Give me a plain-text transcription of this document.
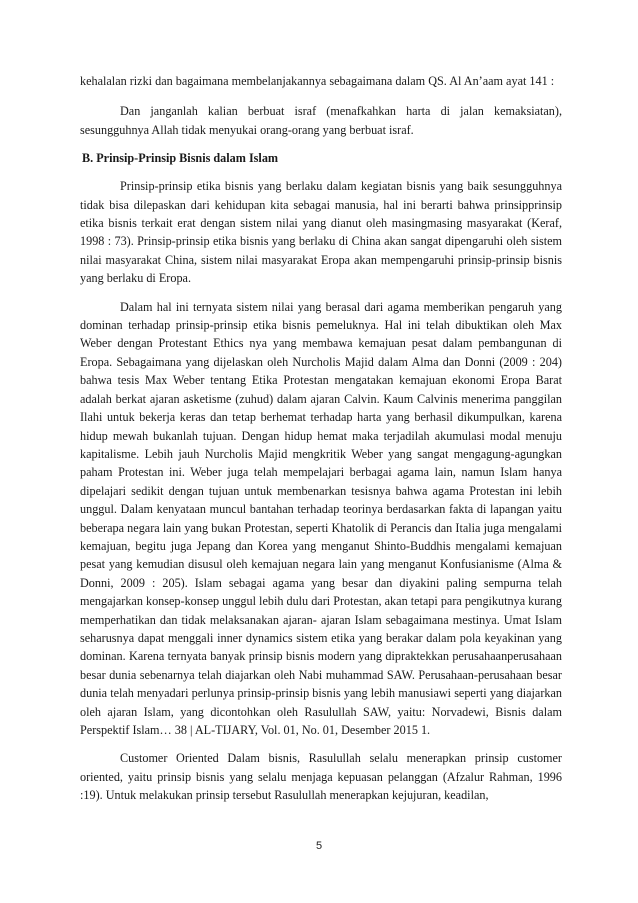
kehalalan rizki dan bagaimana membelanjakannya sebagaimana dalam QS. Al An’aam ayat 141 :

Dan janganlah kalian berbuat israf (menafkahkan harta di jalan kemaksiatan), sesungguhnya Allah tidak menyukai orang-orang yang berbuat israf.

B. Prinsip-Prinsip Bisnis dalam Islam

Prinsip-prinsip etika bisnis yang berlaku dalam kegiatan bisnis yang baik sesungguhnya tidak bisa dilepaskan dari kehidupan kita sebagai manusia, hal ini berarti bahwa prinsipprinsip etika bisnis terkait erat dengan sistem nilai yang dianut oleh masingmasing masyarakat (Keraf, 1998 : 73). Prinsip-prinsip etika bisnis yang berlaku di China akan sangat dipengaruhi oleh sistem nilai masyarakat China, sistem nilai masyarakat Eropa akan mempengaruhi prinsip-prinsip bisnis yang berlaku di Eropa.

Dalam hal ini ternyata sistem nilai yang berasal dari agama memberikan pengaruh yang dominan terhadap prinsip-prinsip etika bisnis pemeluknya. Hal ini telah dibuktikan oleh Max Weber dengan Protestant Ethics nya yang membawa kemajuan pesat dalam pembangunan di Eropa. Sebagaimana yang dijelaskan oleh Nurcholis Majid dalam Alma dan Donni (2009 : 204) bahwa tesis Max Weber tentang Etika Protestan mengatakan kemajuan ekonomi Eropa Barat adalah berkat ajaran asketisme (zuhud) dalam ajaran Calvin. Kaum Calvinis menerima panggilan Ilahi untuk bekerja keras dan tetap berhemat terhadap harta yang berhasil dikumpulkan, karena hidup mewah bukanlah tujuan. Dengan hidup hemat maka terjadilah akumulasi modal menuju kapitalisme. Lebih jauh Nurcholis Majid mengkritik Weber yang sangat mengagung-agungkan paham Protestan ini. Weber juga telah mempelajari berbagai agama lain, namun Islam hanya dipelajari sedikit dengan tujuan untuk membenarkan tesisnya bahwa agama Protestan ini lebih unggul. Dalam kenyataan muncul bantahan terhadap teorinya berdasarkan fakta di lapangan yaitu beberapa negara lain yang bukan Protestan, seperti Khatolik di Perancis dan Italia juga mengalami kemajuan, begitu juga Jepang dan Korea yang menganut Shinto-Buddhis mengalami kemajuan pesat yang kemudian disusul oleh kemajuan negara lain yang menganut Konfusianisme (Alma & Donni, 2009 : 205). Islam sebagai agama yang besar dan diyakini paling sempurna telah mengajarkan konsep-konsep unggul lebih dulu dari Protestan, akan tetapi para pengikutnya kurang memperhatikan dan tidak melaksanakan ajaran- ajaran Islam sebagaimana mestinya. Umat Islam seharusnya dapat menggali inner dynamics sistem etika yang berakar dalam pola keyakinan yang dominan. Karena ternyata banyak prinsip bisnis modern yang dipraktekkan perusahaanperusahaan besar dunia sebenarnya telah diajarkan oleh Nabi muhammad SAW. Perusahaan-perusahaan besar dunia telah menyadari perlunya prinsip-prinsip bisnis yang lebih manusiawi seperti yang diajarkan oleh ajaran Islam, yang dicontohkan oleh Rasulullah SAW, yaitu: Norvadewi, Bisnis dalam Perspektif Islam… 38 | AL-TIJARY, Vol. 01, No. 01, Desember 2015 1.

Customer Oriented Dalam bisnis, Rasulullah selalu menerapkan prinsip customer oriented, yaitu prinsip bisnis yang selalu menjaga kepuasan pelanggan (Afzalur Rahman, 1996 :19). Untuk melakukan prinsip tersebut Rasulullah menerapkan kejujuran, keadilan,

5
